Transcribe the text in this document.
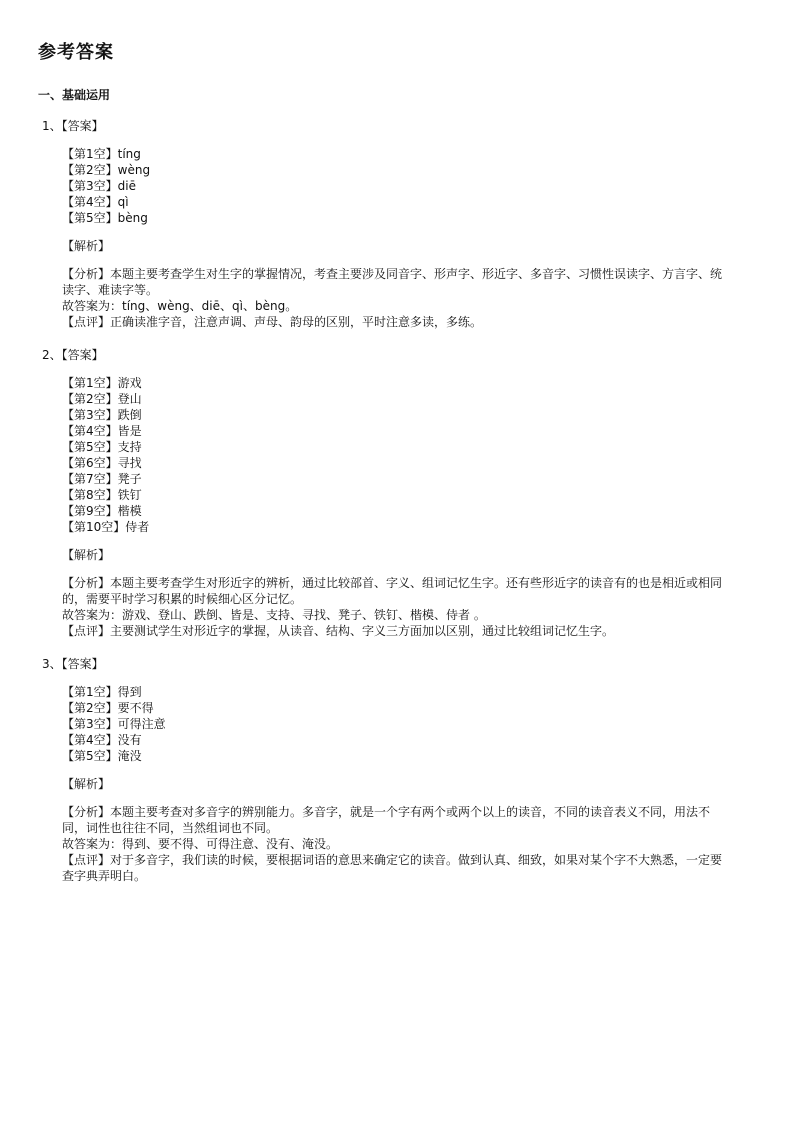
参考答案
一、基础运用
1、【答案】
【第1空】tíng
【第2空】wèng
【第3空】diē
【第4空】qì
【第5空】bèng
【解析】
【分析】本题主要考查学生对生字的掌握情况，考查主要涉及同音字、形声字、形近字、多音字、习惯性误读字、方言字、统读字、难读字等。
故答案为：tíng、wèng、diē、qì、bèng。
【点评】正确读准字音，注意声调、声母、韵母的区别，平时注意多读，多练。
2、【答案】
【第1空】游戏
【第2空】登山
【第3空】跌倒
【第4空】皆是
【第5空】支持
【第6空】寻找
【第7空】凳子
【第8空】铁钉
【第9空】楷模
【第10空】侍者
【解析】
【分析】本题主要考查学生对形近字的辨析，通过比较部首、字义、组词记忆生字。还有些形近字的读音有的也是相近或相同的，需要平时学习积累的时候细心区分记忆。
故答案为：游戏、登山、跌倒、皆是、支持、寻找、凳子、铁钉、楷模、侍者 。
【点评】主要测试学生对形近字的掌握，从读音、结构、字义三方面加以区别，通过比较组词记忆生字。
3、【答案】
【第1空】得到
【第2空】要不得
【第3空】可得注意
【第4空】没有
【第5空】淹没
【解析】
【分析】本题主要考查对多音字的辨别能力。多音字，就是一个字有两个或两个以上的读音，不同的读音表义不同，用法不同，词性也往往不同，当然组词也不同。
故答案为：得到、要不得、可得注意、没有、淹没。
【点评】对于多音字，我们读的时候，要根据词语的意思来确定它的读音。做到认真、细致，如果对某个字不大熟悉，一定要查字典弄明白。
